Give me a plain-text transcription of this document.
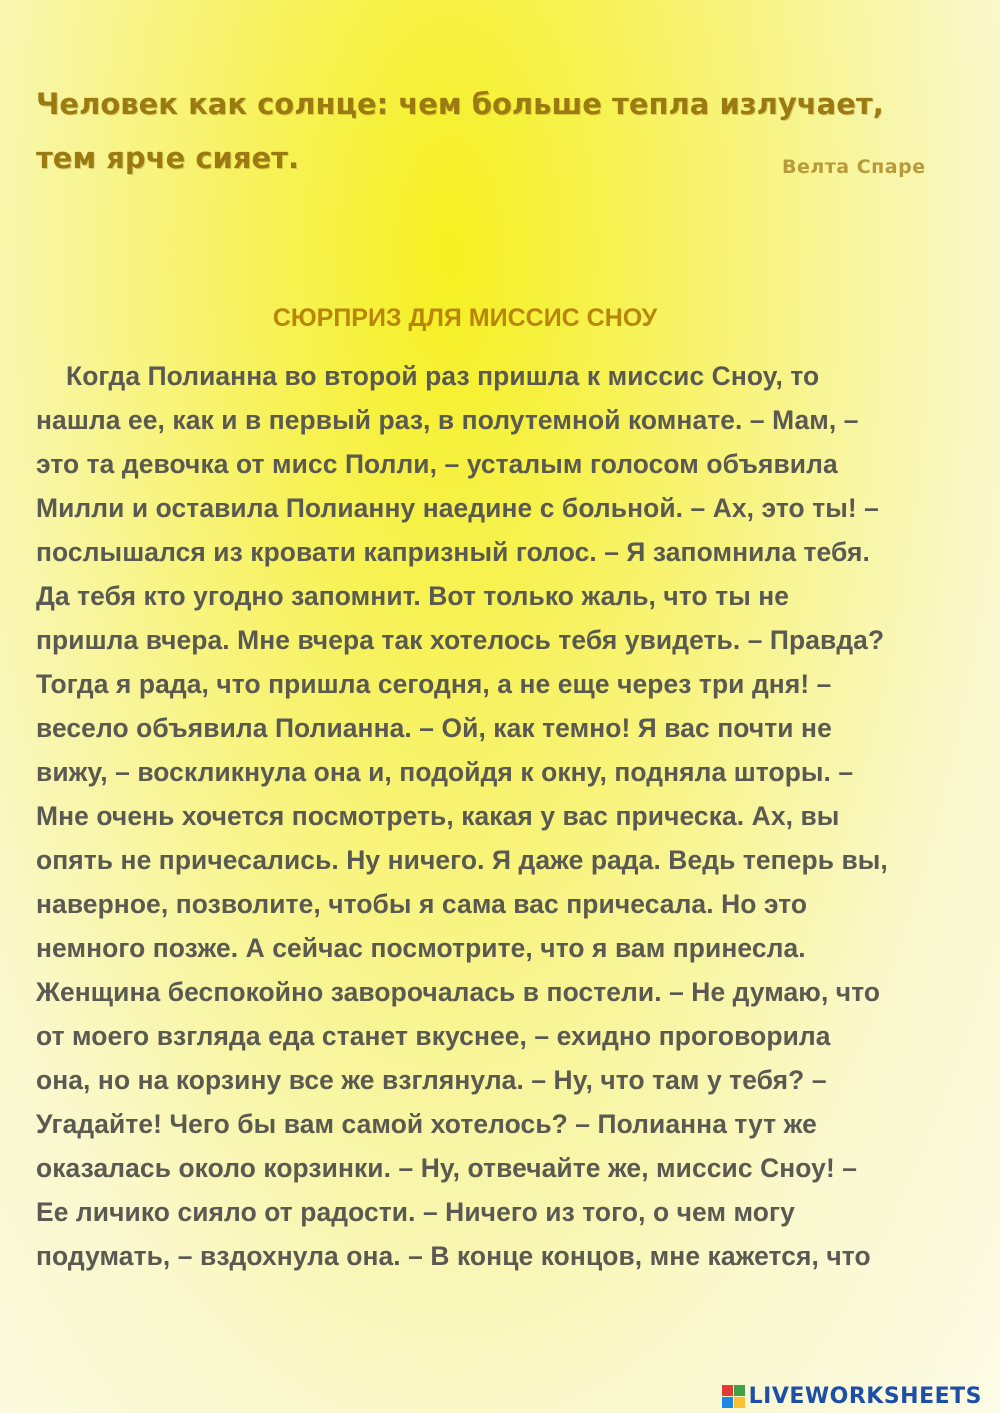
Человек как солнце: чем больше тепла излучает,
тем ярче сияет.	Велта Спаре
СЮРПРИЗ ДЛЯ МИССИС СНОУ
Когда Полианна во второй раз пришла к миссис Сноу, то
нашла ее, как и в первый раз, в полутемной комнате. – Мам, –
это та девочка от мисс Полли, – усталым голосом объявила
Милли и оставила Полианну наедине с больной. – Ах, это ты! –
послышался из кровати капризный голос. – Я запомнила тебя.
Да тебя кто угодно запомнит. Вот только жаль, что ты не
пришла вчера. Мне вчера так хотелось тебя увидеть. – Правда?
Тогда я рада, что пришла сегодня, а не еще через три дня! –
весело объявила Полианна. – Ой, как темно! Я вас почти не
вижу, – воскликнула она и, подойдя к окну, подняла шторы. –
Мне очень хочется посмотреть, какая у вас прическа. Ах, вы
опять не причесались. Ну ничего. Я даже рада. Ведь теперь вы,
наверное, позволите, чтобы я сама вас причесала. Но это
немного позже. А сейчас посмотрите, что я вам принесла.
Женщина беспокойно заворочалась в постели. – Не думаю, что
от моего взгляда еда станет вкуснее, – ехидно проговорила
она, но на корзину все же взглянула. – Ну, что там у тебя? –
Угадайте! Чего бы вам самой хотелось? – Полианна тут же
оказалась около корзинки. – Ну, отвечайте же, миссис Сноу! –
Ее личико сияло от радости. – Ничего из того, о чем могу
подумать, – вздохнула она. – В конце концов, мне кажется, что
LIVEWORKSHEETS
